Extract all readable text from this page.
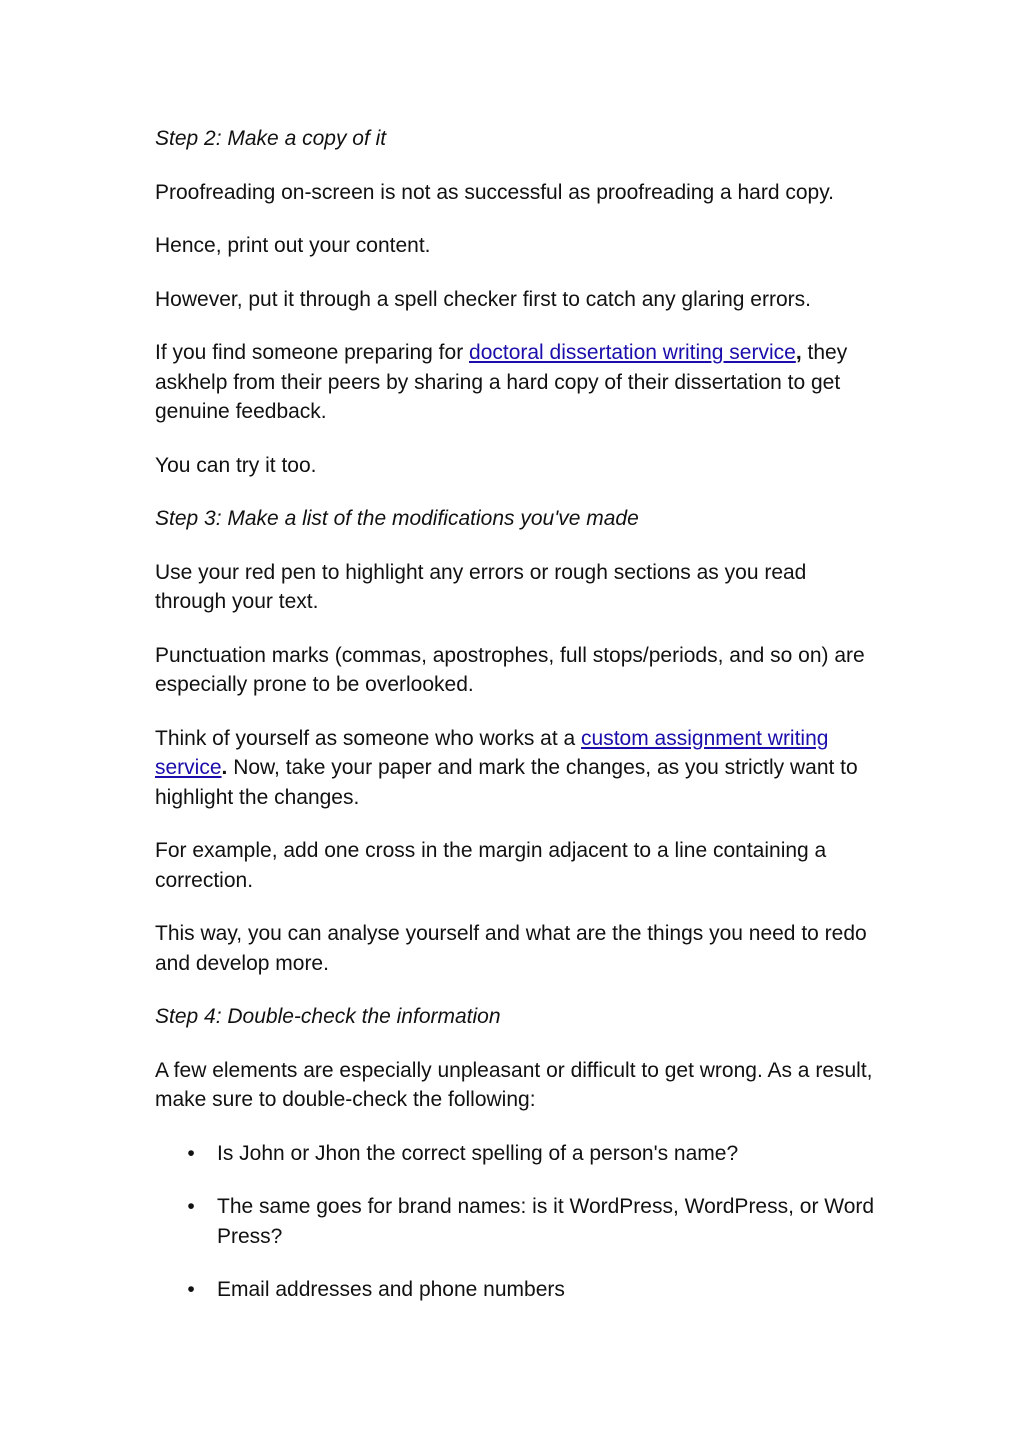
Step 2: Make a copy of it

Proofreading on-screen is not as successful as proofreading a hard copy.

Hence, print out your content.

However, put it through a spell checker first to catch any glaring errors.

If you find someone preparing for doctoral dissertation writing service, they askhelp from their peers by sharing a hard copy of their dissertation to get genuine feedback.

You can try it too.

Step 3: Make a list of the modifications you've made

Use your red pen to highlight any errors or rough sections as you read through your text.

Punctuation marks (commas, apostrophes, full stops/periods, and so on) are especially prone to be overlooked.

Think of yourself as someone who works at a custom assignment writing service. Now, take your paper and mark the changes, as you strictly want to highlight the changes.

For example, add one cross in the margin adjacent to a line containing a correction.

This way, you can analyse yourself and what are the things you need to redo and develop more.

Step 4: Double-check the information

A few elements are especially unpleasant or difficult to get wrong. As a result, make sure to double-check the following:

• Is John or Jhon the correct spelling of a person's name?
• The same goes for brand names: is it WordPress, WordPress, or Word Press?
• Email addresses and phone numbers
